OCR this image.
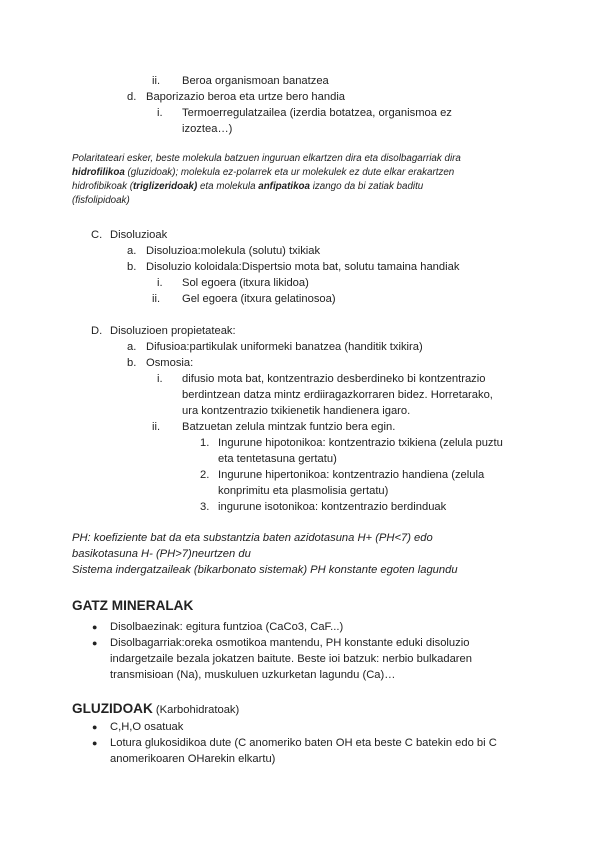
ii. Beroa organismoan banatzea
d. Baporizazio beroa eta urtze bero handia
i. Termoerregulatzailea (izerdia botatzea, organismoa ez
izoztea…)
Polaritateari esker, beste molekula batzuen inguruan elkartzen dira eta disolbagarriak dira
hidrofilikoa (gluzidoak); molekula ez-polarrek eta ur molekulek ez dute elkar erakartzen
hidrofibikoak (triglizeridoak) eta molekula anfipatikoa izango da bi zatiak baditu
(fisfolipidoak)
C. Disoluzioak
a. Disoluzioa:molekula (solutu) txikiak
b. Disoluzio koloidala:Dispertsio mota bat, solutu tamaina handiak
i. Sol egoera (itxura likidoa)
ii. Gel egoera (itxura gelatinosoa)
D. Disoluzioen propietateak:
a. Difusioa:partikulak uniformeki banatzea (handitik txikira)
b. Osmosia:
i. difusio mota bat, kontzentrazio desberdineko bi kontzentrazio
berdintzean datza mintz erdiiragazkorraren bidez. Horretarako,
ura kontzentrazio txikienetik handienera igaro.
ii. Batzuetan zelula mintzak funtzio bera egin.
1. Ingurune hipotonikoa: kontzentrazio txikiena (zelula puztu
eta tentetasuna gertatu)
2. Ingurune hipertonikoa: kontzentrazio handiena (zelula
konprimitu eta plasmolisia gertatu)
3. ingurune isotonikoa: kontzentrazio berdinduak
PH: koefiziente bat da eta substantzia baten azidotasuna H+ (PH<7) edo
basikotasuna H- (PH>7)neurtzen du
Sistema indergatzaileak (bikarbonato sistemak) PH konstante egoten lagundu
GATZ MINERALAK
● Disolbaezinak: egitura funtzioa (CaCo3, CaF...)
● Disolbagarriak:oreka osmotikoa mantendu, PH konstante eduki disoluzio
indargetzaile bezala jokatzen baitute. Beste ioi batzuk: nerbio bulkadaren
transmisioan (Na), muskuluen uzkurketan lagundu (Ca)…
GLUZIDOAK (Karbohidratoak)
● C,H,O osatuak
● Lotura glukosidikoa dute (C anomeriko baten OH eta beste C batekin edo bi C
anomerikoaren OHarekin elkartu)
